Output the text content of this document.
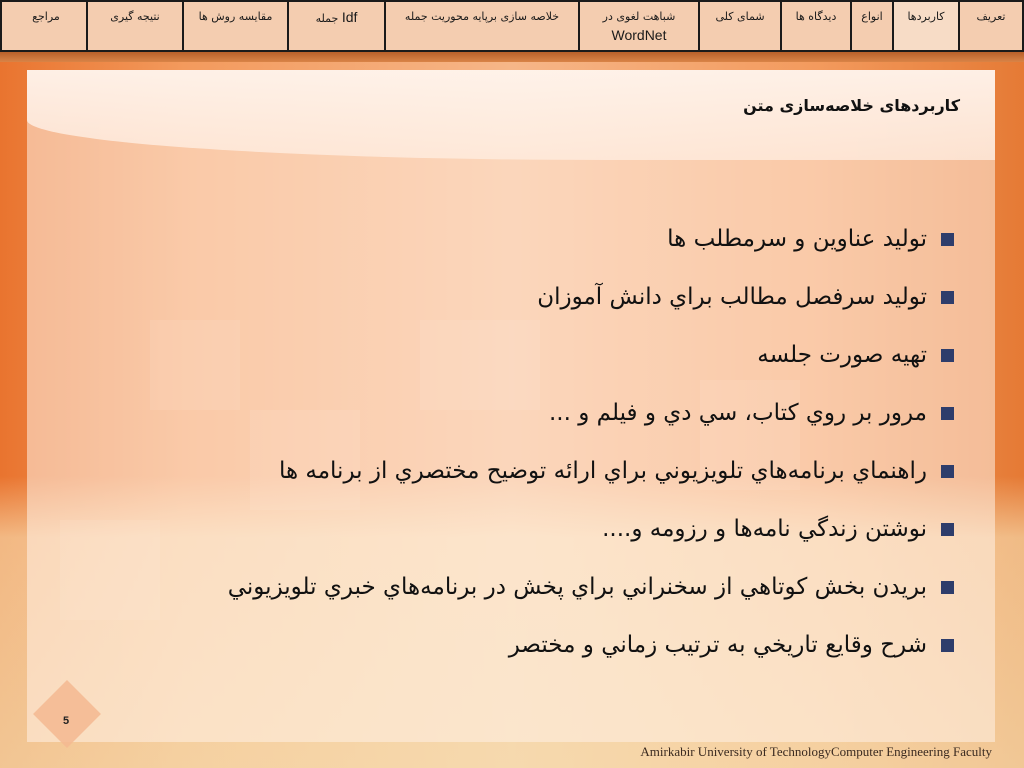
تعریف
کاربردها
انواع
دیدگاه ها
شمای کلی
شباهت لغوی در
WordNet
خلاصه سازی برپایه محوریت جمله
Idf جمله
مقایسه روش ها
نتیجه گیری
مراجع
کاربردهای خلاصه‌سازی متن
توليد عناوين و سرمطلب ها
توليد سرفصل مطالب براي دانش آموزان
تهيه صورت جلسه
مرور بر روي كتاب، سي دي و فيلم و ...
راهنماي برنامه‌هاي تلويزيوني براي ارائه توضيح مختصري از برنامه ها
نوشتن زندگي نامه‌ها و رزومه و....
بريدن بخش كوتاهي از سخنراني براي پخش در برنامه‌هاي خبري تلويزيوني
شرح وقايع تاريخي به ترتيب زماني و مختصر
5
Amirkabir University of TechnologyComputer Engineering Faculty
